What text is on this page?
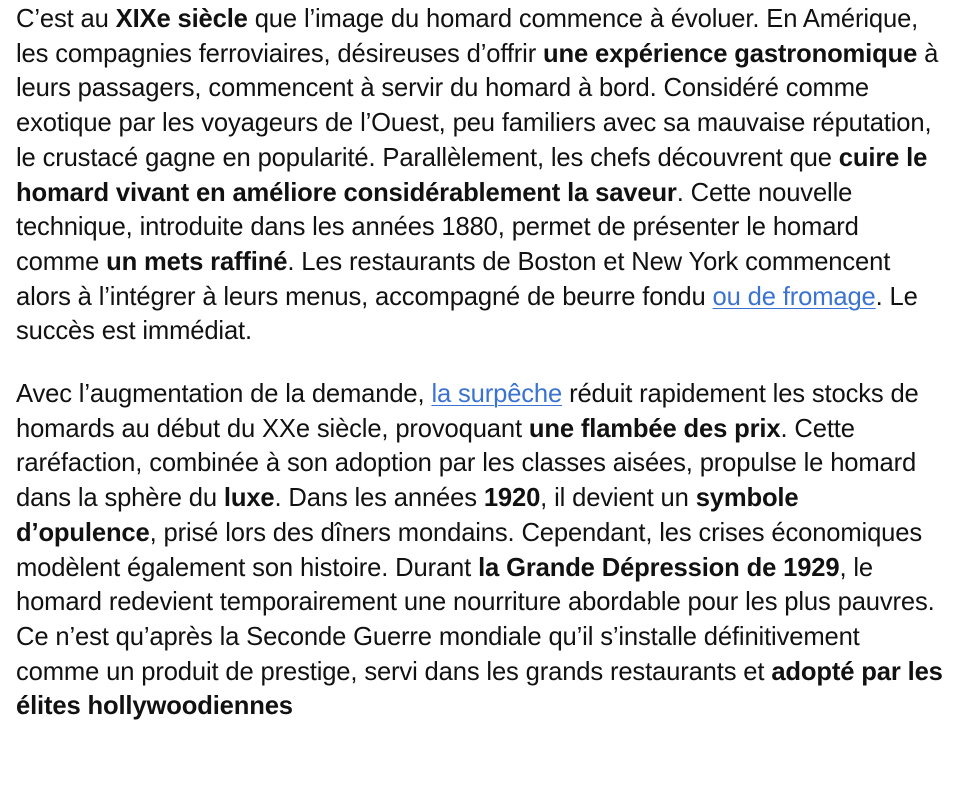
C’est au XIXe siècle que l’image du homard commence à évoluer. En Amérique, les compagnies ferroviaires, désireuses d’offrir une expérience gastronomique à leurs passagers, commencent à servir du homard à bord. Considéré comme exotique par les voyageurs de l’Ouest, peu familiers avec sa mauvaise réputation, le crustacé gagne en popularité. Parallèlement, les chefs découvrent que cuire le homard vivant en améliore considérablement la saveur. Cette nouvelle technique, introduite dans les années 1880, permet de présenter le homard comme un mets raffiné. Les restaurants de Boston et New York commencent alors à l’intégrer à leurs menus, accompagné de beurre fondu ou de fromage. Le succès est immédiat.

Avec l’augmentation de la demande, la surpêche réduit rapidement les stocks de homards au début du XXe siècle, provoquant une flambée des prix. Cette raréfaction, combinée à son adoption par les classes aisées, propulse le homard dans la sphère du luxe. Dans les années 1920, il devient un symbole d’opulence, prisé lors des dîners mondains. Cependant, les crises économiques modèlent également son histoire. Durant la Grande Dépression de 1929, le homard redevient temporairement une nourriture abordable pour les plus pauvres. Ce n’est qu’après la Seconde Guerre mondiale qu’il s’installe définitivement comme un produit de prestige, servi dans les grands restaurants et adopté par les élites hollywoodiennes
